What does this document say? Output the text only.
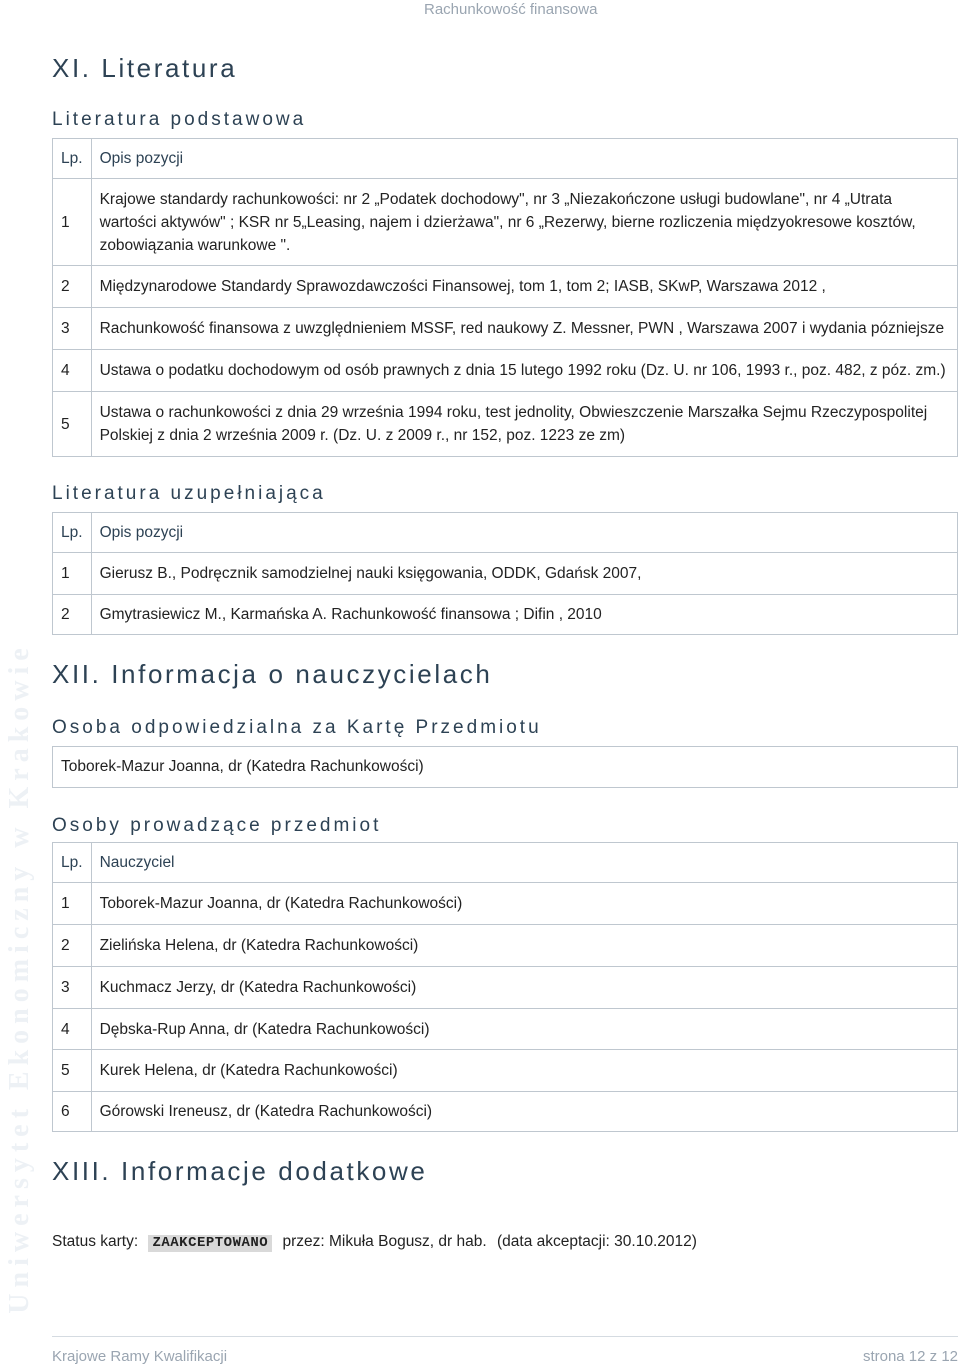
Rachunkowość finansowa
Uniwersytet Ekonomiczny w Krakowie
XI. Literatura
Literatura podstawowa
Lp.	Opis pozycji
1	Krajowe standardy rachunkowości: nr 2 „Podatek dochodowy", nr 3 „Niezakończone usługi budowlane", nr 4 „Utrata wartości aktywów" ; KSR nr 5„Leasing, najem i dzierżawa", nr 6 „Rezerwy, bierne rozliczenia międzyokresowe kosztów, zobowiązania warunkowe ".
2	Międzynarodowe Standardy Sprawozdawczości Finansowej, tom 1, tom 2; IASB, SKwP, Warszawa 2012 ,
3	Rachunkowość finansowa z uwzględnieniem MSSF, red naukowy Z. Messner, PWN , Warszawa 2007 i wydania pózniejsze
4	Ustawa o podatku dochodowym od osób prawnych z dnia 15 lutego 1992 roku (Dz. U. nr 106, 1993 r., poz. 482, z póz. zm.)
5	Ustawa o rachunkowości z dnia 29 września 1994 roku, test jednolity, Obwieszczenie Marszałka Sejmu Rzeczypospolitej Polskiej z dnia 2 września 2009 r. (Dz. U. z 2009 r., nr 152, poz. 1223 ze zm)
Literatura uzupełniająca
Lp.	Opis pozycji
1	Gierusz B., Podręcznik samodzielnej nauki księgowania, ODDK, Gdańsk 2007,
2	Gmytrasiewicz M., Karmańska A. Rachunkowość finansowa ; Difin , 2010
XII. Informacja o nauczycielach
Osoba odpowiedzialna za Kartę Przedmiotu
Toborek-Mazur Joanna, dr (Katedra Rachunkowości)
Osoby prowadzące przedmiot
Lp.	Nauczyciel
1	Toborek-Mazur Joanna, dr (Katedra Rachunkowości)
2	Zielińska Helena, dr (Katedra Rachunkowości)
3	Kuchmacz Jerzy, dr (Katedra Rachunkowości)
4	Dębska-Rup Anna, dr (Katedra Rachunkowości)
5	Kurek Helena, dr (Katedra Rachunkowości)
6	Górowski Ireneusz, dr (Katedra Rachunkowości)
XIII. Informacje dodatkowe
Status karty: ZAAKCEPTOWANO przez: Mikuła Bogusz, dr hab. (data akceptacji: 30.10.2012)
Krajowe Ramy Kwalifikacji	strona 12 z 12
